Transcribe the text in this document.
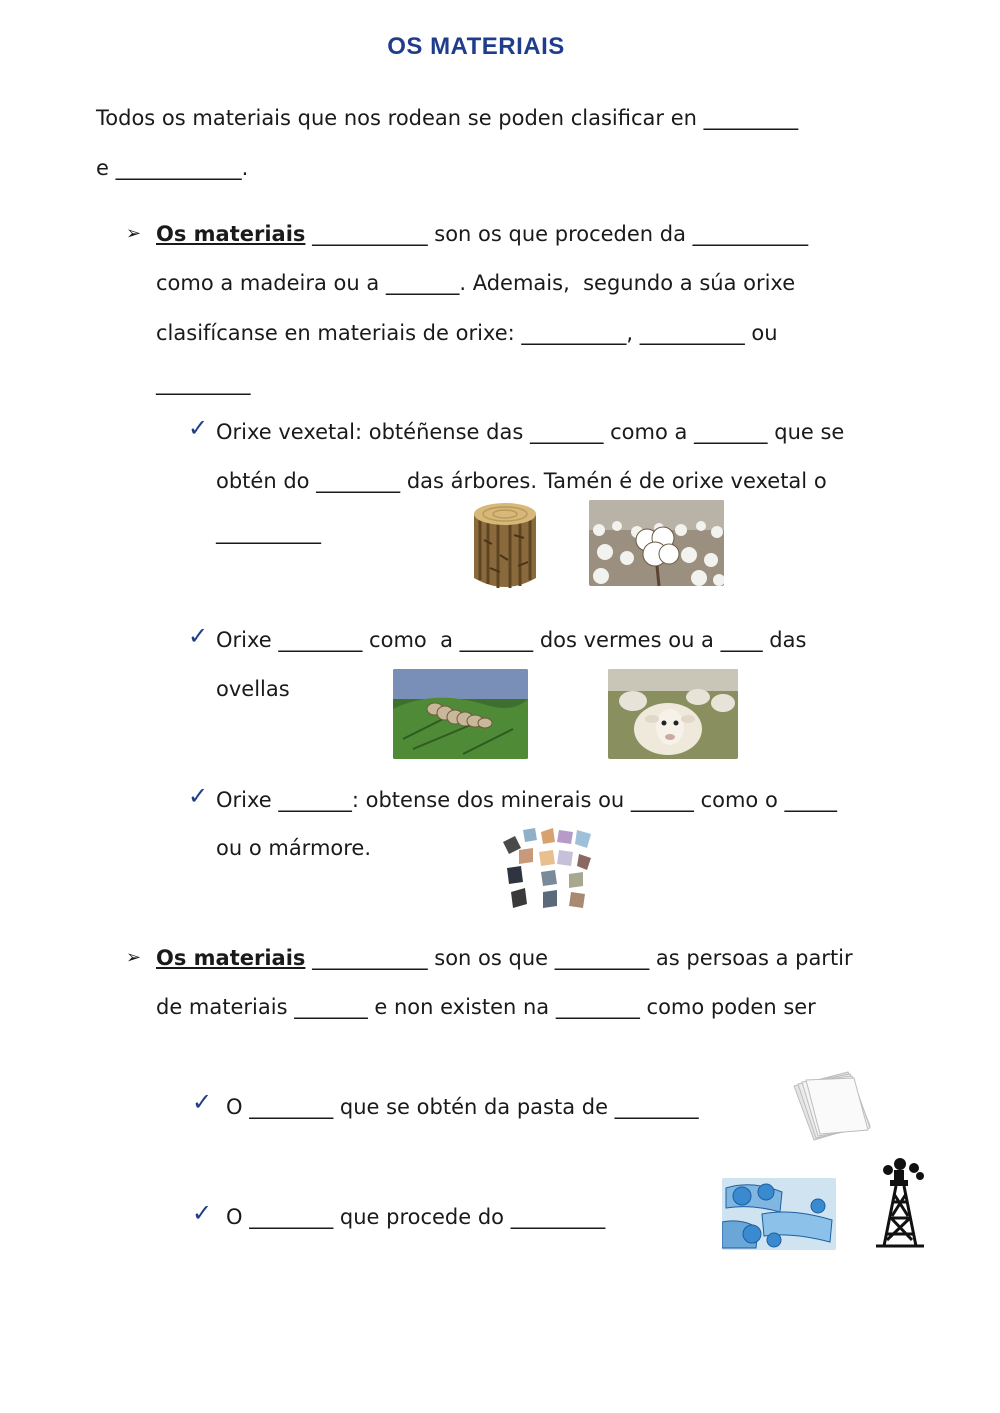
OS MATERIAIS
Todos os materiais que nos rodean se poden clasificar en _________
e ____________.
➢ Os materiais ___________ son os que proceden da ___________
como a madeira ou a _______. Ademais,  segundo a súa orixe
clasifícanse en materiais de orixe: __________, __________ ou
_________
✓ Orixe vexetal: obtéñense das _______ como a _______ que se
obtén do ________ das árbores. Tamén é de orixe vexetal o
__________
✓ Orixe ________ como  a _______ dos vermes ou a ____ das
ovellas
✓ Orixe _______: obtense dos minerais ou ______ como o _____
ou o mármore.
➢ Os materiais ___________ son os que _________ as persoas a partir
de materiais _______ e non existen na ________ como poden ser
✓ O ________ que se obtén da pasta de ________
✓ O ________ que procede do _________
